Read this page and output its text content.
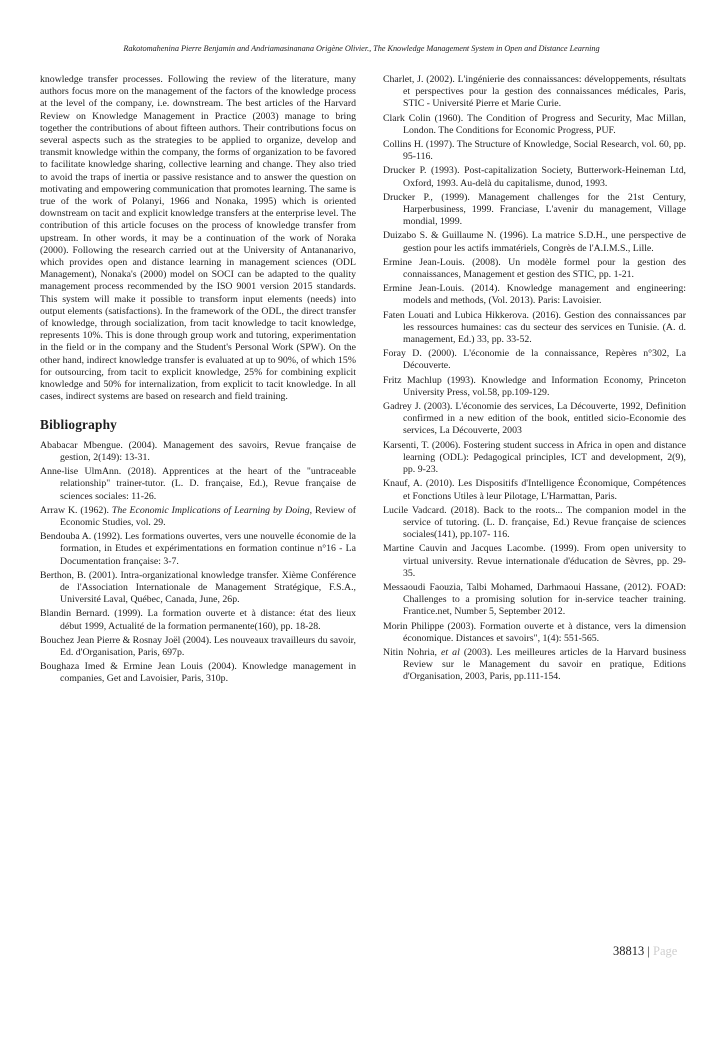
Rakotomahenina Pierre Benjamin and Andriamasinanana Origène Olivier., The Knowledge Management System in Open and Distance Learning

knowledge transfer processes. Following the review of the literature, many authors focus more on the management of the factors of the knowledge process at the level of the company, i.e. downstream. The best articles of the Harvard Review on Knowledge Management in Practice (2003) manage to bring together the contributions of about fifteen authors. Their contributions focus on several aspects such as the strategies to be applied to organize, develop and transmit knowledge within the company, the forms of organization to be favored to facilitate knowledge sharing, collective learning and change. They also tried to avoid the traps of inertia or passive resistance and to answer the question on motivating and empowering communication that promotes learning. The same is true of the work of Polanyi, 1966 and Nonaka, 1995) which is oriented downstream on tacit and explicit knowledge transfers at the enterprise level. The contribution of this article focuses on the process of knowledge transfer from upstream. In other words, it may be a continuation of the work of Noraka (2000). Following the research carried out at the University of Antananarivo, which provides open and distance learning in management sciences (ODL Management), Nonaka's (2000) model on SOCI can be adapted to the quality management process recommended by the ISO 9001 version 2015 standards. This system will make it possible to transform input elements (needs) into output elements (satisfactions). In the framework of the ODL, the direct transfer of knowledge, through socialization, from tacit knowledge to tacit knowledge, represents 10%. This is done through group work and tutoring, experimentation in the field or in the company and the Student's Personal Work (SPW). On the other hand, indirect knowledge transfer is evaluated at up to 90%, of which 15% for outsourcing, from tacit to explicit knowledge, 25% for combining explicit knowledge and 50% for internalization, from explicit to tacit knowledge. In all cases, indirect systems are based on research and field training.

Bibliography

Ababacar Mbengue. (2004). Management des savoirs, Revue française de gestion, 2(149): 13-31.

Anne-lise UlmAnn. (2018). Apprentices at the heart of the "untraceable relationship" trainer-tutor. (L. D. française, Ed.), Revue française de sciences sociales: 11-26.

Arraw K. (1962). The Economic Implications of Learning by Doing, Review of Economic Studies, vol. 29.

Bendouba A. (1992). Les formations ouvertes, vers une nouvelle économie de la formation, in Etudes et expérimentations en formation continue n°16 - La Documentation française: 3-7.

Berthon, B. (2001). Intra-organizational knowledge transfer. Xième Conférence de l'Association Internationale de Management Stratégique, F.S.A., Université Laval, Québec, Canada, June, 26p.

Blandin Bernard. (1999). La formation ouverte et à distance: état des lieux début 1999, Actualité de la formation permanente(160), pp. 18-28.

Bouchez Jean Pierre & Rosnay Joël (2004). Les nouveaux travailleurs du savoir, Ed. d'Organisation, Paris, 697p.

Boughaza Imed & Ermine Jean Louis (2004). Knowledge management in companies, Get and Lavoisier, Paris, 310p.

Charlet, J. (2002). L'ingénierie des connaissances: développements, résultats et perspectives pour la gestion des connaissances médicales, Paris, STIC - Université Pierre et Marie Curie.

Clark Colin (1960). The Condition of Progress and Security, Mac Millan, London. The Conditions for Economic Progress, PUF.

Collins H. (1997). The Structure of Knowledge, Social Research, vol. 60, pp. 95-116.

Drucker P. (1993). Post-capitalization Society, Butterwork-Heineman Ltd, Oxford, 1993. Au-delà du capitalisme, dunod, 1993.

Drucker P., (1999). Management challenges for the 21st Century, Harperbusiness, 1999. Franciase, L'avenir du management, Village mondial, 1999.

Duizabo S. & Guillaume N. (1996). La matrice S.D.H., une perspective de gestion pour les actifs immatériels, Congrès de l'A.I.M.S., Lille.

Ermine Jean-Louis. (2008). Un modèle formel pour la gestion des connaissances, Management et gestion des STIC, pp. 1-21.

Ermine Jean-Louis. (2014). Knowledge management and engineering: models and methods, (Vol. 2013). Paris: Lavoisier.

Faten Louati and Lubica Hikkerova. (2016). Gestion des connaissances par les ressources humaines: cas du secteur des services en Tunisie. (A. d. management, Ed.) 33, pp. 33-52.

Foray D. (2000). L'économie de la connaissance, Repères n°302, La Découverte.

Fritz Machlup (1993). Knowledge and Information Economy, Princeton University Press, vol.58, pp.109-129.

Gadrey J. (2003). L'économie des services, La Découverte, 1992, Definition confirmed in a new edition of the book, entitled sicio-Economie des services, La Découverte, 2003

Karsenti, T. (2006). Fostering student success in Africa in open and distance learning (ODL): Pedagogical principles, ICT and development, 2(9), pp. 9-23.

Knauf, A. (2010). Les Dispositifs d'Intelligence Économique, Compétences et Fonctions Utiles à leur Pilotage, L'Harmattan, Paris.

Lucile Vadcard. (2018). Back to the roots... The companion model in the service of tutoring. (L. D. française, Ed.) Revue française de sciences sociales(141), pp.107- 116.

Martine Cauvin and Jacques Lacombe. (1999). From open university to virtual university. Revue internationale d'éducation de Sèvres, pp. 29-35.

Messaoudi Faouzia, Talbi Mohamed, Darhmaoui Hassane, (2012). FOAD: Challenges to a promising solution for in-service teacher training. Frantice.net, Number 5, September 2012.

Morin Philippe (2003). Formation ouverte et à distance, vers la dimension économique. Distances et savoirs", 1(4): 551-565.

Nitin Nohria, et al (2003). Les meilleures articles de la Harvard business Review sur le Management du savoir en pratique, Editions d'Organisation, 2003, Paris, pp.111-154.

38813 | Page
